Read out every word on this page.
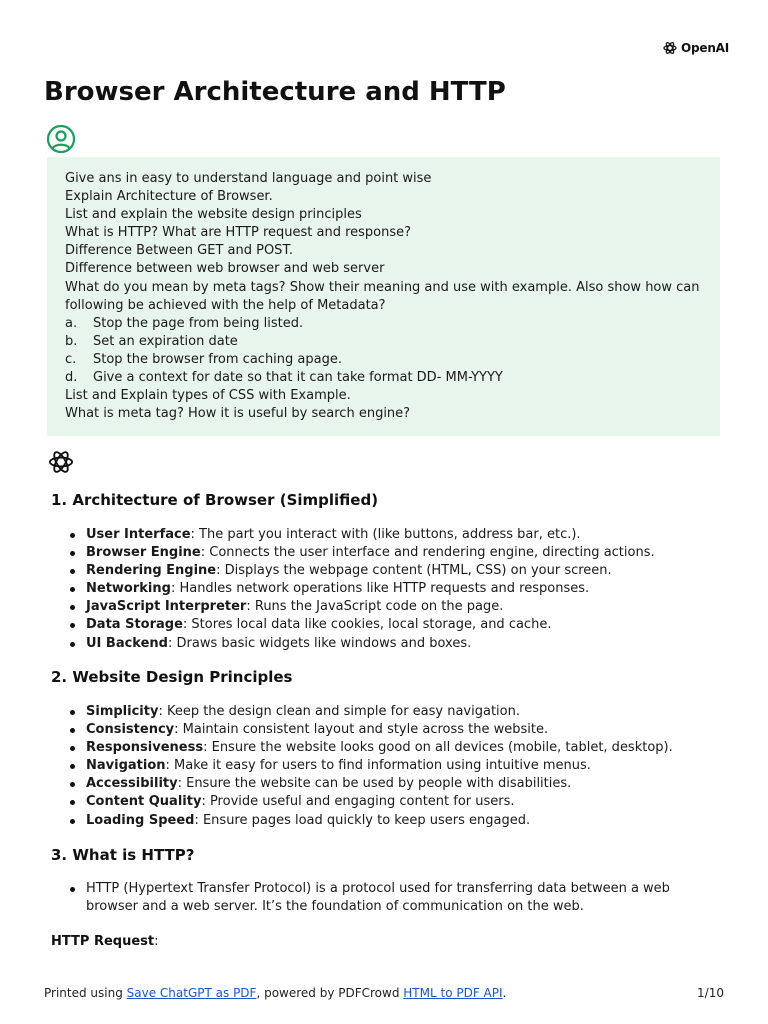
OpenAI
Browser Architecture and HTTP
Give ans in easy to understand language and point wise
Explain Architecture of Browser.
List and explain the website design principles
What is HTTP? What are HTTP request and response?
Difference Between GET and POST.
Difference between web browser and web server
What do you mean by meta tags? Show their meaning and use with example. Also show how can following be achieved with the help of Metadata?
a.	Stop the page from being listed.
b.	Set an expiration date
c.	Stop the browser from caching apage.
d.	Give a context for date so that it can take format DD- MM-YYYY
List and Explain types of CSS with Example.
What is meta tag? How it is useful by search engine?
1. Architecture of Browser (Simplified)
User Interface: The part you interact with (like buttons, address bar, etc.).
Browser Engine: Connects the user interface and rendering engine, directing actions.
Rendering Engine: Displays the webpage content (HTML, CSS) on your screen.
Networking: Handles network operations like HTTP requests and responses.
JavaScript Interpreter: Runs the JavaScript code on the page.
Data Storage: Stores local data like cookies, local storage, and cache.
UI Backend: Draws basic widgets like windows and boxes.
2. Website Design Principles
Simplicity: Keep the design clean and simple for easy navigation.
Consistency: Maintain consistent layout and style across the website.
Responsiveness: Ensure the website looks good on all devices (mobile, tablet, desktop).
Navigation: Make it easy for users to find information using intuitive menus.
Accessibility: Ensure the website can be used by people with disabilities.
Content Quality: Provide useful and engaging content for users.
Loading Speed: Ensure pages load quickly to keep users engaged.
3. What is HTTP?
HTTP (Hypertext Transfer Protocol) is a protocol used for transferring data between a web browser and a web server. It’s the foundation of communication on the web.
HTTP Request:
Printed using Save ChatGPT as PDF, powered by PDFCrowd HTML to PDF API.	1/10
